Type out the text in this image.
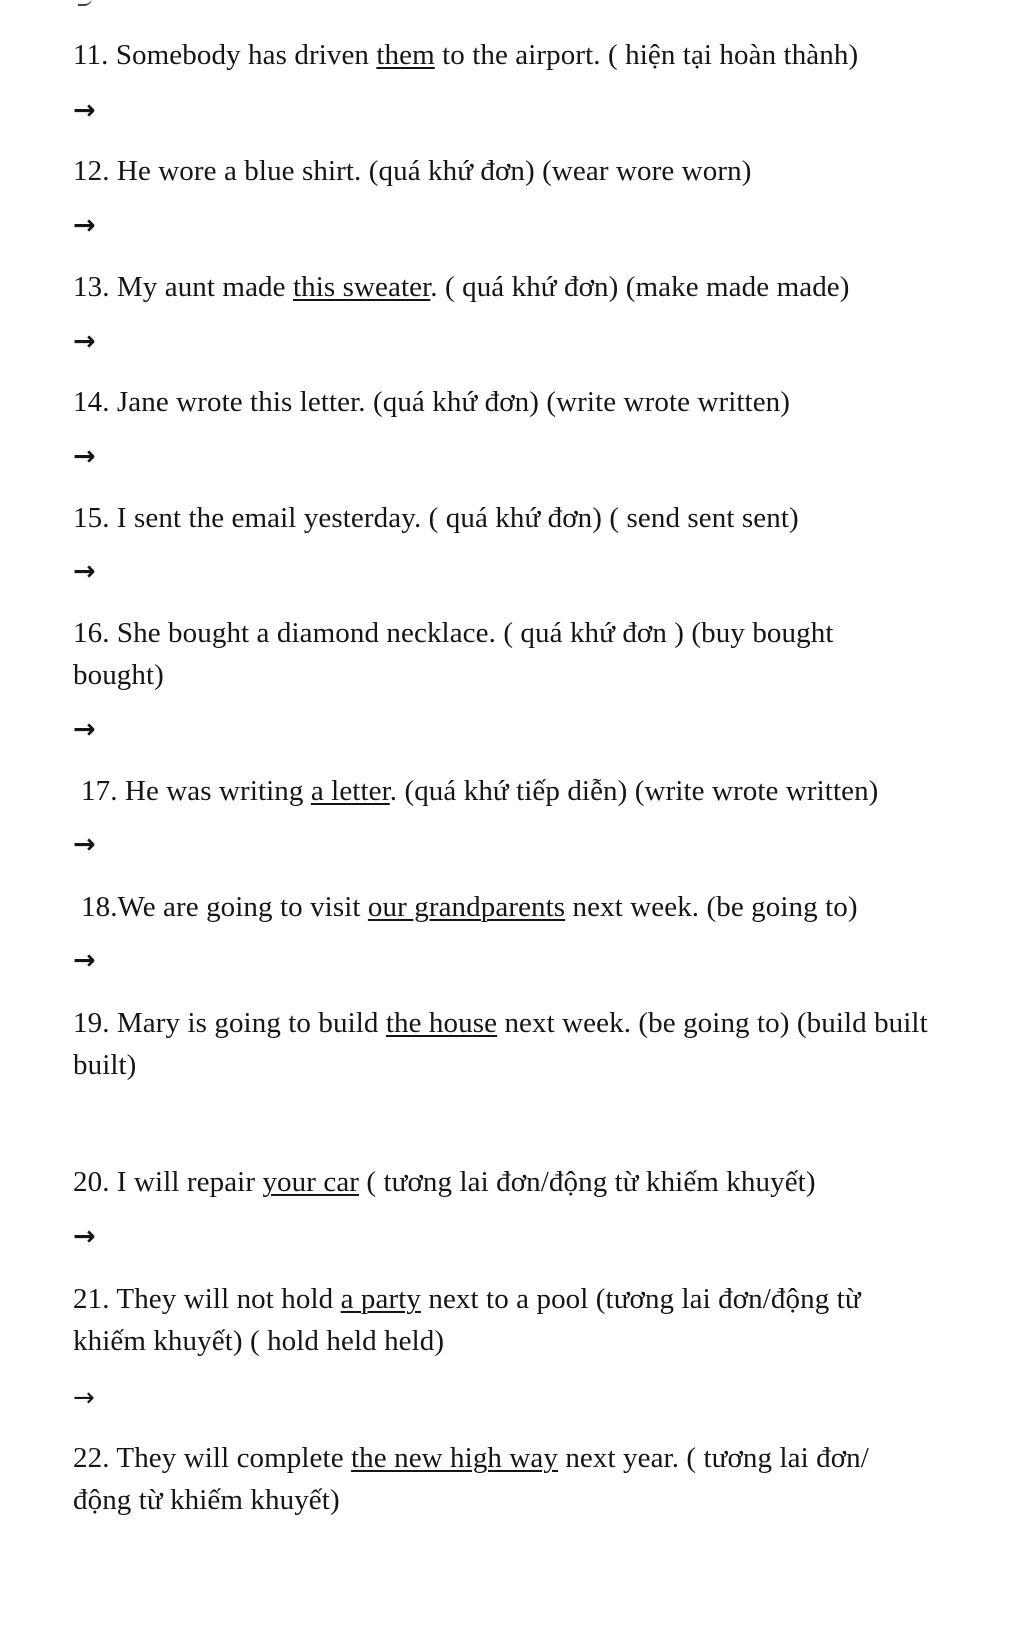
11. Somebody has driven them to the airport. ( hiện tại hoàn thành)
→
12. He wore a blue shirt. (quá khứ đơn) (wear wore worn)
→
13. My aunt made this sweater. ( quá khứ đơn) (make made made)
→
14. Jane wrote this letter. (quá khứ đơn) (write wrote written)
→
15. I sent the email yesterday. ( quá khứ đơn) ( send sent sent)
→
16. She bought a diamond necklace. ( quá khứ đơn ) (buy bought
bought)
→
17. He was writing a letter. (quá khứ tiếp diễn) (write wrote written)
→
18.We are going to visit our grandparents next week. (be going to)
→
19. Mary is going to build the house next week. (be going to) (build built
built)
20. I will repair your car ( tương lai đơn/động từ khiếm khuyết)
→
21. They will not hold a party next to a pool (tương lai đơn/động từ
khiếm khuyết) ( hold held held)
→
22. They will complete the new high way next year. ( tương lai đơn/
động từ khiếm khuyết)
